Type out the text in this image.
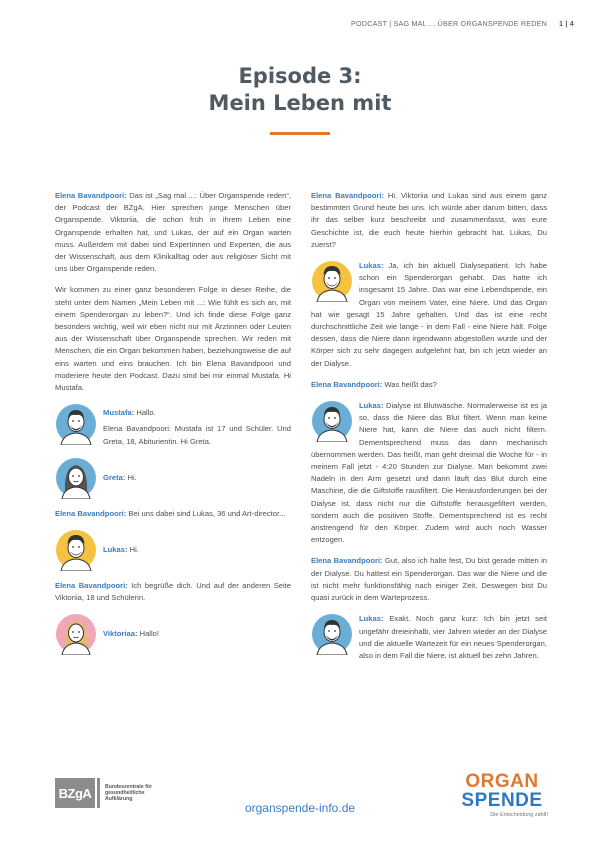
PODCAST | SAG MAL ... ÜBER ORGANSPENDE REDEN 1 | 4
Episode 3:
Mein Leben mit

Elena Bavandpoori: Das ist „Sag mal ...: Über Organspende reden“, der Podcast der BZgA. Hier sprechen junge Menschen über Organspende. Viktoriia, die schon früh in ihrem Leben eine Organspende erhalten hat, und Lukas, der auf ein Organ warten muss. Außerdem mit dabei sind Expertinnen und Experten, die aus der Wissenschaft, aus dem Klinikalltag oder aus religiöser Sicht mit uns über Organspende reden.

Wir kommen zu einer ganz besonderen Folge in dieser Reihe, die steht unter dem Namen „Mein Leben mit ...: Wie fühlt es sich an, mit einem Spenderorgan zu leben?“. Und ich finde diese Folge ganz besonders wichtig, weil wir eben nicht nur mit Ärztinnen oder Leuten aus der Wissenschaft über Organspende sprechen. Wir reden mit Menschen, die ein Organ bekommen haben, beziehungsweise die auf eins warten und eins brauchen. Ich bin Elena Bavandpoori und moderiere heute den Podcast. Dazu sind bei mir einmal Mustafa. Hi Mustafa.

Mustafa: Hallo.
Elena Bavandpoori: Mustafa ist 17 und Schüler. Und Greta, 18, Abiturientin. Hi Greta.
Greta: Hi.

Elena Bavandpoori: Bei uns dabei sind Lukas, 36 und Art-director...

Lukas: Hi.

Elena Bavandpoori: Ich begrüße dich. Und auf der anderen Seite Viktoriia, 18 und Schülerin.

Viktoriaa: Hallo!

Elena Bavandpoori: Hi. Viktoriia und Lukas sind aus einem ganz bestimmten Grund heute bei uns. Ich würde aber darum bitten, dass ihr das selber kurz beschreibt und zusammenfasst, was eure Geschichte ist, die euch heute hierhin gebracht hat. Lukas, Du zuerst?

Lukas: Ja, ich bin aktuell Dialysepatient. Ich habe schon ein Spenderorgan gehabt. Das hatte ich insgesamt 15 Jahre. Das war eine Lebendspende, ein Organ von meinem Vater, eine Niere. Und das Organ hat wie gesagt 15 Jahre gehalten. Und das ist eine recht durchschnittliche Zeit wie lange - in dem Fall - eine Niere hält. Folge dessen, dass die Niere dann irgendwann abgestoßen wurde und der Körper sich zu sehr dagegen aufgelehnt hat, bin ich jetzt wieder an der Dialyse.

Elena Bavandpoori: Was heißt das?

Lukas: Dialyse ist Blutwäsche. Normalerweise ist es ja so, dass die Niere das Blut filtert. Wenn man keine Niere hat, kann die Niere das auch nicht filtern. Dementsprechend muss das dann mechanisch übernommen werden. Das heißt, man geht dreimal die Woche für - in meinem Fall jetzt - 4:20 Stunden zur Dialyse. Man bekommt zwei Nadeln in den Arm gesetzt und dann läuft das Blut durch eine Maschine, die die Giftstoffe rausfiltert. Die Herausforderungen bei der Dialyse ist, dass nicht nur die Giftstoffe herausgefiltert werden, sondern auch die positiven Stoffe. Dementsprechend ist es recht anstrengend für den Körper. Zudem wird auch noch Wasser entzogen.

Elena Bavandpoori: Gut, also ich halte fest, Du bist gerade mitten in der Dialyse. Du hattest ein Spenderorgan. Das war die Niere und die ist nicht mehr funktionsfähig nach einiger Zeit. Deswegen bist Du quasi zurück in dem Warteprozess.

Lukas: Exakt. Noch ganz kurz: Ich bin jetzt seit ungefähr dreieinhalb, vier Jahren wieder an der Dialyse und die aktuelle Wartezeit für ein neues Spenderorgan, also in dem Fall die Niere, ist aktuell bei zehn Jahren.

BZgA	Bundeszentrale für gesundheitliche Aufklärung
organspende-info.de
ORGAN
SPENDE
Die Entscheidung zählt!
